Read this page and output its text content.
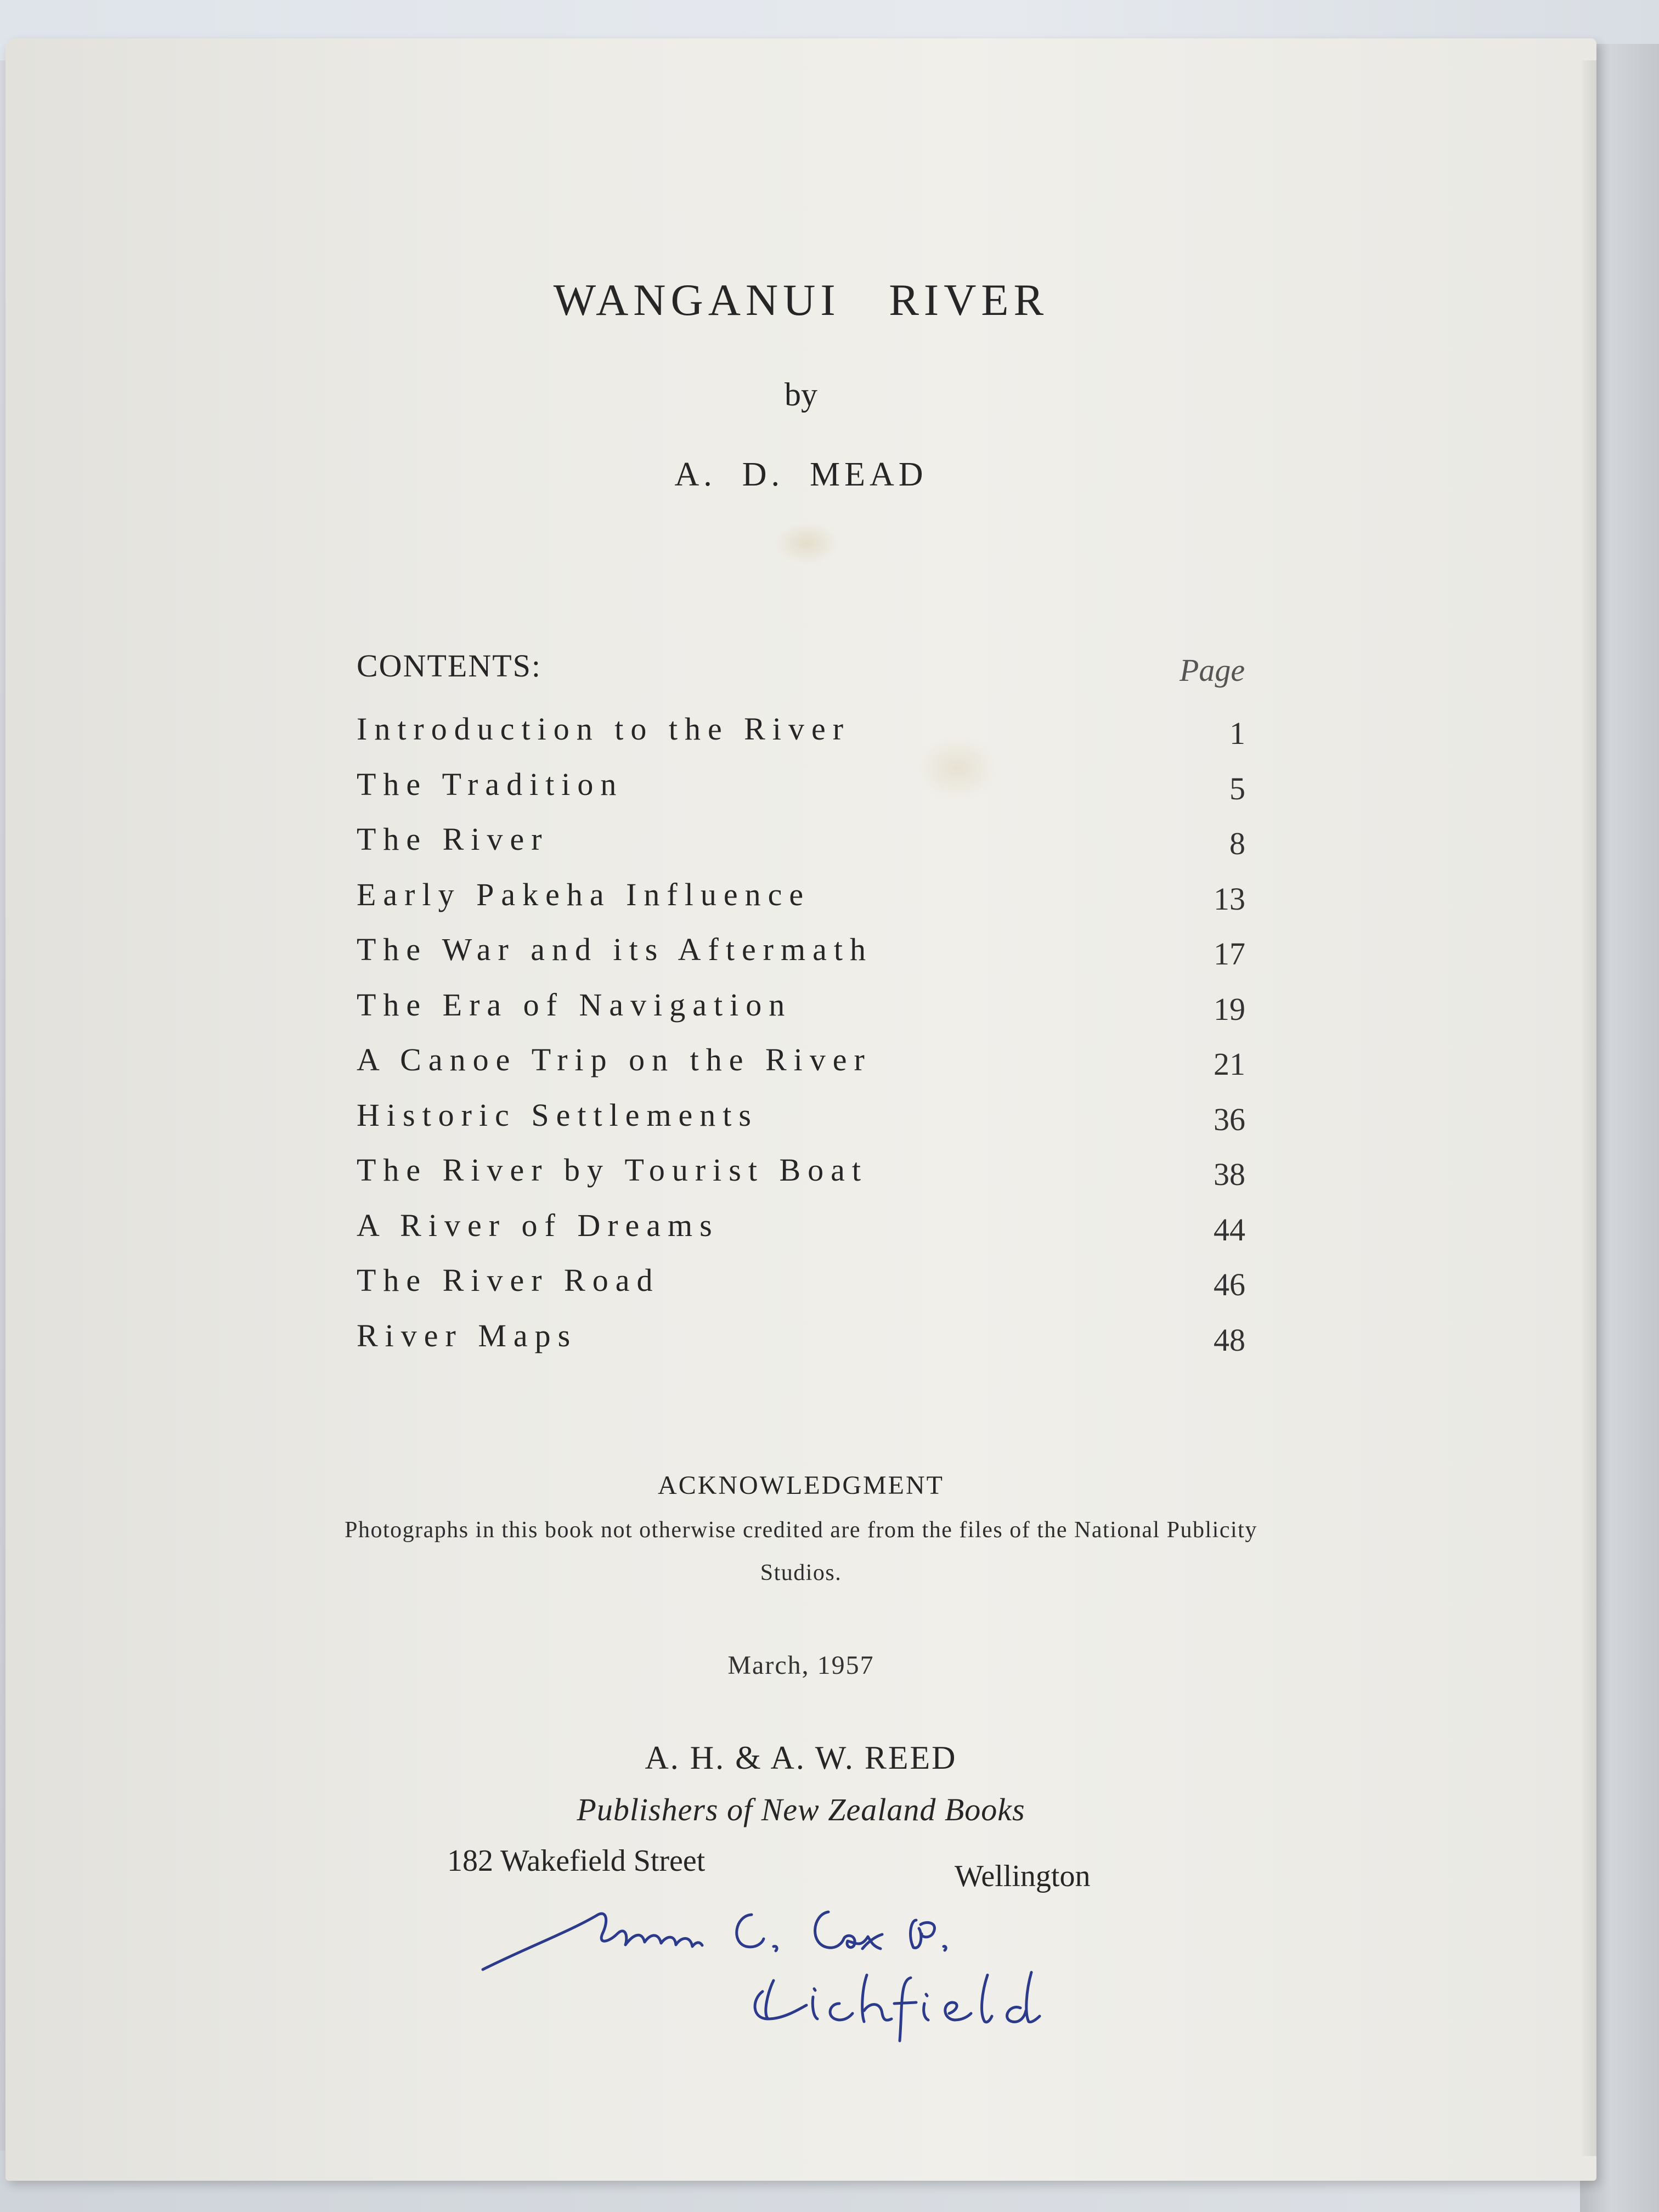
WANGANUI   RIVER
by
A.  D.  MEAD
CONTENTS:	Page
Introduction to the River	1
The Tradition	5
The River	8
Early Pakeha Influence	13
The War and its Aftermath	17
The Era of Navigation	19
A Canoe Trip on the River	21
Historic Settlements	36
The River by Tourist Boat	38
A River of Dreams	44
The River Road	46
River Maps	48
ACKNOWLEDGMENT
Photographs in this book not otherwise credited are from the files of the National Publicity Studios.
March, 1957
A. H. & A. W. REED
Publishers of New Zealand Books
182 Wakefield Street	Wellington
